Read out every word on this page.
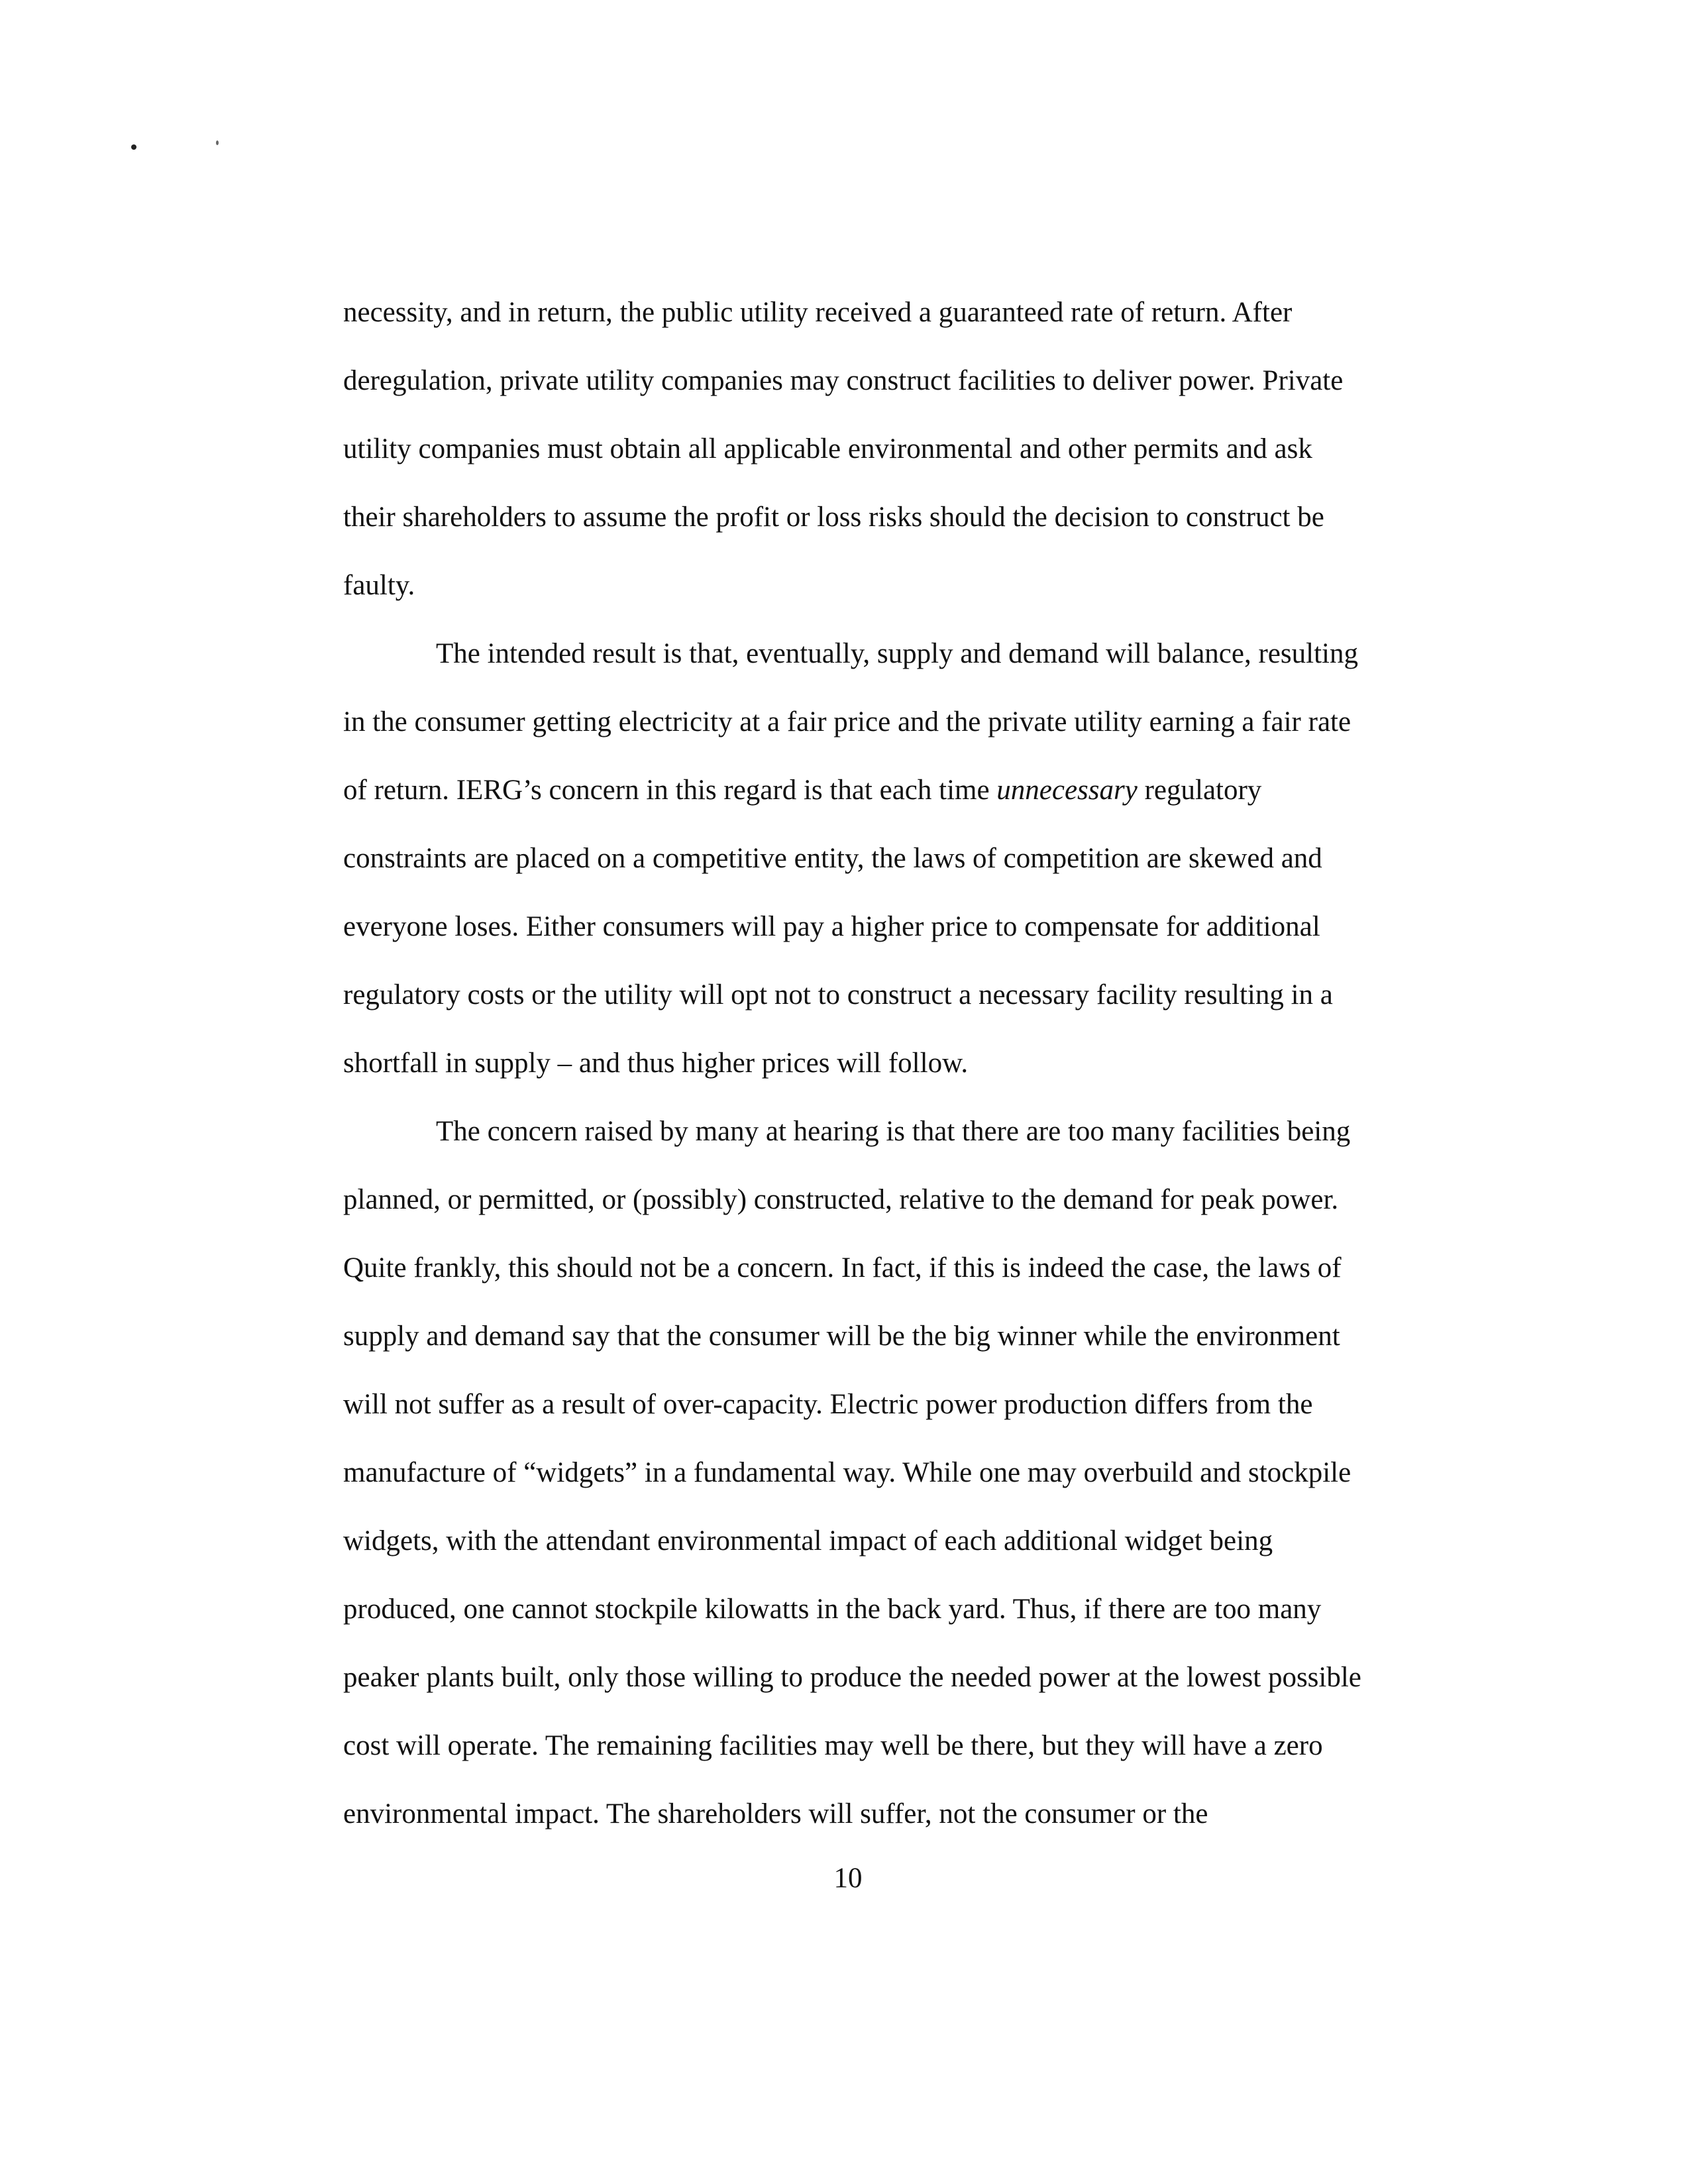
necessity, and in return, the public utility received a guaranteed rate of return. After
deregulation, private utility companies may construct facilities to deliver power. Private
utility companies must obtain all applicable environmental and other permits and ask
their shareholders to assume the profit or loss risks should the decision to construct be
faulty.
The intended result is that, eventually, supply and demand will balance, resulting
in the consumer getting electricity at a fair price and the private utility earning a fair rate
of return. IERG’s concern in this regard is that each time unnecessary regulatory
constraints are placed on a competitive entity, the laws of competition are skewed and
everyone loses. Either consumers will pay a higher price to compensate for additional
regulatory costs or the utility will opt not to construct a necessary facility resulting in a
shortfall in supply – and thus higher prices will follow.
The concern raised by many at hearing is that there are too many facilities being
planned, or permitted, or (possibly) constructed, relative to the demand for peak power.
Quite frankly, this should not be a concern. In fact, if this is indeed the case, the laws of
supply and demand say that the consumer will be the big winner while the environment
will not suffer as a result of over-capacity. Electric power production differs from the
manufacture of “widgets” in a fundamental way. While one may overbuild and stockpile
widgets, with the attendant environmental impact of each additional widget being
produced, one cannot stockpile kilowatts in the back yard. Thus, if there are too many
peaker plants built, only those willing to produce the needed power at the lowest possible
cost will operate. The remaining facilities may well be there, but they will have a zero
environmental impact. The shareholders will suffer, not the consumer or the
10
